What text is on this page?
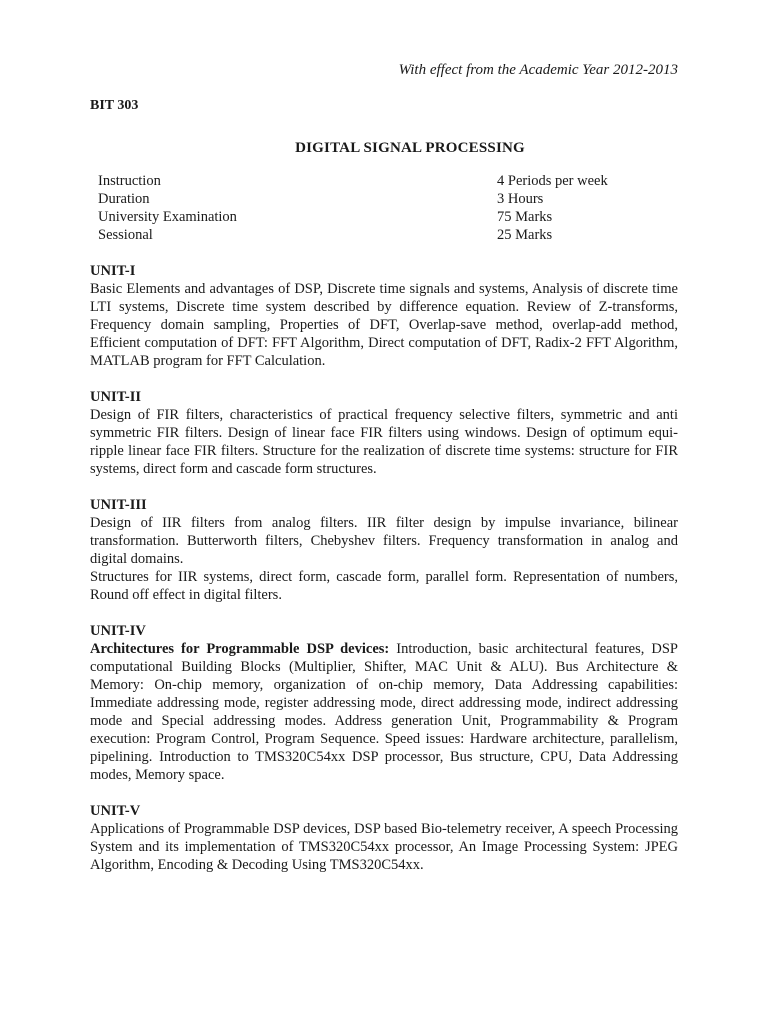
With effect from the Academic Year 2012-2013
BIT 303
DIGITAL SIGNAL PROCESSING
Instruction	4 Periods per week
Duration	3 Hours
University Examination	75 Marks
Sessional	25 Marks
UNIT-I
Basic Elements and advantages of DSP, Discrete time signals and systems, Analysis of discrete time LTI systems, Discrete time system described by difference equation. Review of Z-transforms, Frequency domain sampling, Properties of DFT, Overlap-save method, overlap-add method, Efficient computation of DFT: FFT Algorithm, Direct computation of DFT, Radix-2 FFT Algorithm, MATLAB program for FFT Calculation.
UNIT-II
Design of FIR filters, characteristics of practical frequency selective filters, symmetric and anti symmetric FIR filters. Design of linear face FIR filters using windows. Design of optimum equi-ripple linear face FIR filters. Structure for the realization of discrete time systems: structure for FIR systems, direct form and cascade form structures.
UNIT-III
Design of IIR filters from analog filters. IIR filter design by impulse invariance, bilinear transformation. Butterworth filters, Chebyshev filters. Frequency transformation in analog and digital domains.
Structures for IIR systems, direct form, cascade form, parallel form. Representation of numbers, Round off effect in digital filters.
UNIT-IV
Architectures for Programmable DSP devices: Introduction, basic architectural features, DSP computational Building Blocks (Multiplier, Shifter, MAC Unit & ALU). Bus Architecture & Memory: On-chip memory, organization of on-chip memory, Data Addressing capabilities: Immediate addressing mode, register addressing mode, direct addressing mode, indirect addressing mode and Special addressing modes. Address generation Unit, Programmability & Program execution: Program Control, Program Sequence. Speed issues: Hardware architecture, parallelism, pipelining. Introduction to TMS320C54xx DSP processor, Bus structure, CPU, Data Addressing modes, Memory space.
UNIT-V
Applications of Programmable DSP devices, DSP based Bio-telemetry receiver, A speech Processing System and its implementation of TMS320C54xx processor, An Image Processing System: JPEG Algorithm, Encoding & Decoding Using TMS320C54xx.
